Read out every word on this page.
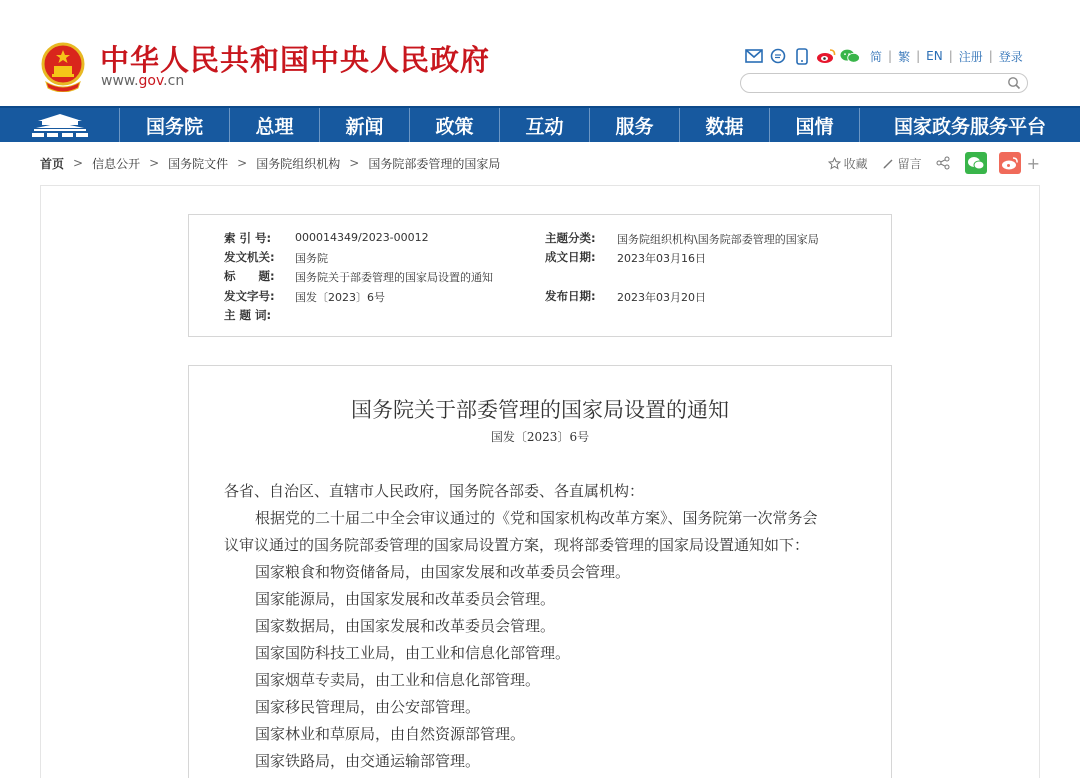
中华人民共和国中央人民政府
www.gov.cn
简 | 繁 | EN | 注册 | 登录
国务院	总理	新闻	政策	互动	服务	数据	国情	国家政务服务平台
首页 > 信息公开 > 国务院文件 > 国务院组织机构 > 国务院部委管理的国家局	收藏	留言	+
索 引 号: 000014349/2023-00012	主题分类: 国务院组织机构\国务院部委管理的国家局
发文机关: 国务院	成文日期: 2023年03月16日
标　　题: 国务院关于部委管理的国家局设置的通知
发文字号: 国发〔2023〕6号	发布日期: 2023年03月20日
主 题 词:
国务院关于部委管理的国家局设置的通知
国发〔2023〕6号
各省、自治区、直辖市人民政府，国务院各部委、各直属机构：
根据党的二十届二中全会审议通过的《党和国家机构改革方案》、国务院第一次常务会
议审议通过的国务院部委管理的国家局设置方案，现将部委管理的国家局设置通知如下：
国家粮食和物资储备局，由国家发展和改革委员会管理。
国家能源局，由国家发展和改革委员会管理。
国家数据局，由国家发展和改革委员会管理。
国家国防科技工业局，由工业和信息化部管理。
国家烟草专卖局，由工业和信息化部管理。
国家移民管理局，由公安部管理。
国家林业和草原局，由自然资源部管理。
国家铁路局，由交通运输部管理。
